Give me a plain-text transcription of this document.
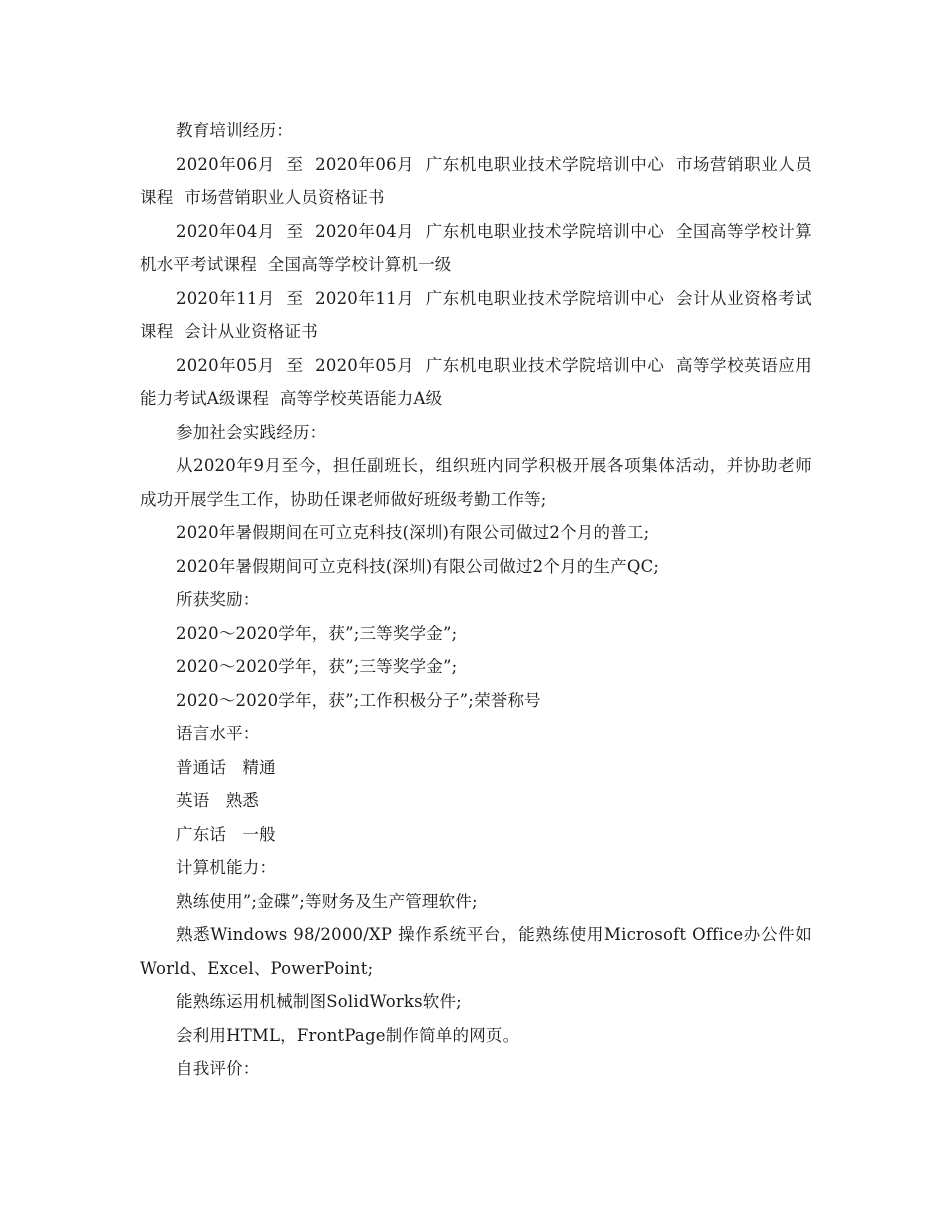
教育培训经历：

2020年06月  至  2020年06月  广东机电职业技术学院培训中心  市场营销职业人员课程  市场营销职业人员资格证书

2020年04月  至  2020年04月  广东机电职业技术学院培训中心  全国高等学校计算机水平考试课程  全国高等学校计算机一级

2020年11月  至  2020年11月  广东机电职业技术学院培训中心  会计从业资格考试课程  会计从业资格证书

2020年05月  至  2020年05月  广东机电职业技术学院培训中心  高等学校英语应用能力考试A级课程  高等学校英语能力A级

参加社会实践经历：

从2020年9月至今，担任副班长，组织班内同学积极开展各项集体活动，并协助老师成功开展学生工作，协助任课老师做好班级考勤工作等;

2020年暑假期间在可立克科技(深圳)有限公司做过2个月的普工;

2020年暑假期间可立克科技(深圳)有限公司做过2个月的生产QC;

所获奖励：

2020～2020学年，获”;三等奖学金”;

2020～2020学年，获”;三等奖学金”;

2020～2020学年，获”;工作积极分子”;荣誉称号

语言水平：

普通话   精通

英语   熟悉

广东话   一般

计算机能力：

熟练使用”;金碟”;等财务及生产管理软件;

熟悉Windows 98/2000/XP 操作系统平台，能熟练使用Microsoft Office办公件如World、Excel、PowerPoint;

能熟练运用机械制图SolidWorks软件;

会利用HTML，FrontPage制作简单的网页。

自我评价：
